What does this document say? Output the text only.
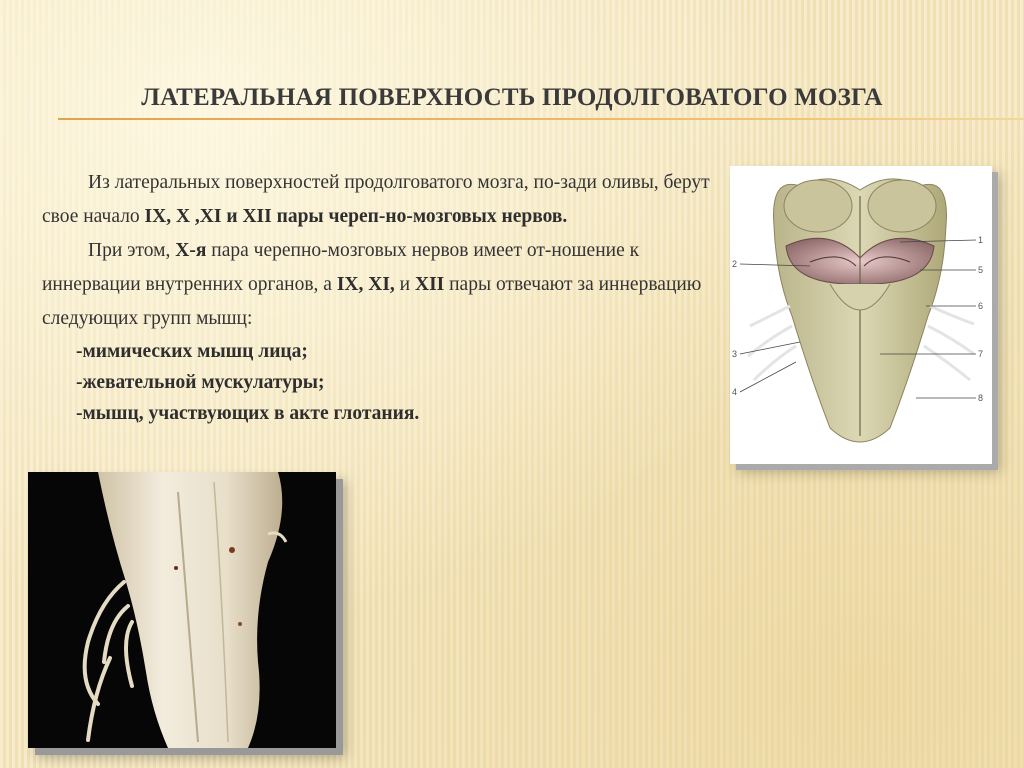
ЛАТЕРАЛЬНАЯ ПОВЕРХНОСТЬ ПРОДОЛГОВАТОГО МОЗГА

Из латеральных поверхностей продолговатого мозга, по-зади оливы, берут свое начало IX, X ,XI и XII пары череп-но-мозговых нервов.

При этом, Х-я пара черепно-мозговых нервов имеет от-ношение к иннервации внутренних органов, а IX, XI, и XII пары отвечают за иннервацию следующих групп мышц:

-мимических мышц лица;
-жевательной мускулатуры;
-мышц, участвующих в акте глотания.
1
5
6
7
8
2
3
4
